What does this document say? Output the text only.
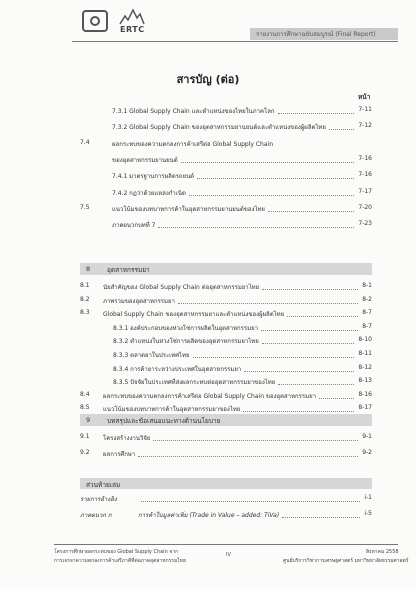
ERTC
รายงานการศึกษาฉบับสมบูรณ์ (Final Report)
สารบัญ (ต่อ)
หน้า
7.3.1 Global Supply Chain และตำแหน่งของไทยในภาคโลก	7-11
7.3.2 Global Supply Chain ของอุตสาหกรรมยานยนต์และตำแหน่งของผู้ผลิตไทย	7-12
7.4	ผลกระทบของความตกลงการค้าเสรีต่อ Global Supply Chain
ของอุตสาหกรรมยานยนต์	7-16
7.4.1 มาตรฐานการผลิตรถยนต์	7-16
7.4.2 กฎว่าด้วยแหล่งกำเนิด	7-17
7.5	แนวโน้มของบทบาทการค้าในอุตสาหกรรมยานยนต์ของไทย	7-20
ภาคผนวกบทที่ 7	7-23
8	อุตสาหกรรมยา
8.1 นัยสำคัญของ Global Supply Chain ต่ออุตสาหกรรมยาไทย	8-1
8.2 ภาพรวมของอุตสาหกรรมยา	8-2
8.3 Global Supply Chain ของอุตสาหกรรมยาและตำแหน่งของผู้ผลิตไทย	8-7
8.3.1 องค์ประกอบของห่วงโซ่การผลิตในอุตสาหกรรมยา	8-7
8.3.2 ตำแหน่งในห่วงโซ่การผลิตของอุตสาหกรรมยาไทย	8-10
8.3.3 ตลาดยาในประเทศไทย	8-11
8.3.4 การค้ายาระหว่างประเทศในอุตสาหกรรมยา	8-12
8.3.5 ปัจจัยในประเทศที่ส่งผลกระทบต่ออุตสาหกรรมยาของไทย	8-13
8.4 ผลกระทบของความตกลงการค้าเสรีต่อ Global Supply Chain ของอุตสาหกรรมยา	8-16
8.5 แนวโน้มของบทบาทการค้าในอุตสาหกรรมยาของไทย	8-17
9	บทสรุปและข้อเสนอแนะทางด้านนโยบาย
9.1 โครงสร้างงานวิจัย	9-1
9.2 ผลการศึกษา	9-2
ส่วนท้ายเล่ม
รายการอ้างอิง	i-1
ภาคผนวก ก	การค้าในมูลค่าเพิ่ม (Trade in Value – added: TiVa)	i-5
โครงการศึกษาผลกระทบของ Global Supply Chain จาก
การเจรจาความตกลงการค้าเสรีภาคีที่ต่อภาคอุตสาหกรรมไทย
IV	สิงหาคม 2558
ศูนย์บริการวิชาการเศรษฐศาสตร์ มหาวิทยาลัยธรรมศาสตร์
